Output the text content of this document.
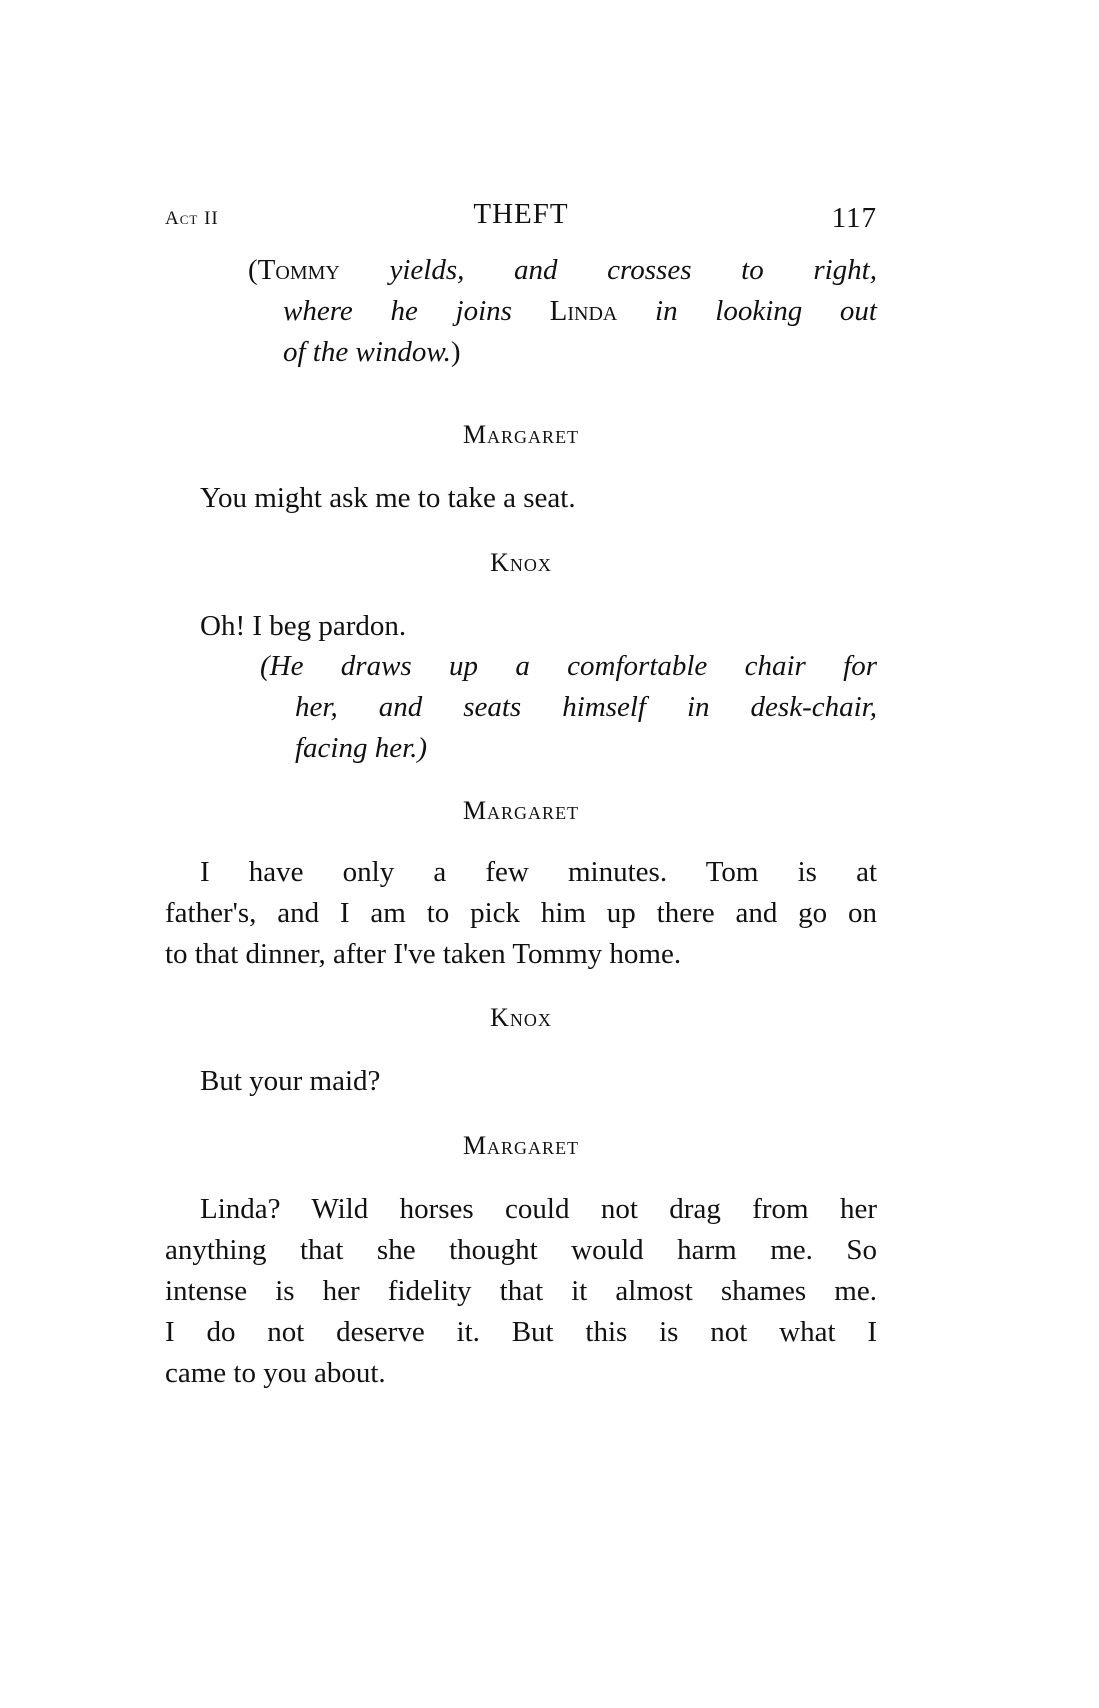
Act II	THEFT	117
(Tommy yields, and crosses to right,
where he joins Linda in looking out
of the window.)
Margaret
You might ask me to take a seat.
Knox
Oh! I beg pardon.
(He draws up a comfortable chair for
her, and seats himself in desk-chair,
facing her.)
Margaret
I have only a few minutes. Tom is at
father's, and I am to pick him up there and go on
to that dinner, after I've taken Tommy home.
Knox
But your maid?
Margaret
Linda? Wild horses could not drag from her
anything that she thought would harm me. So
intense is her fidelity that it almost shames me.
I do not deserve it. But this is not what I
came to you about.
